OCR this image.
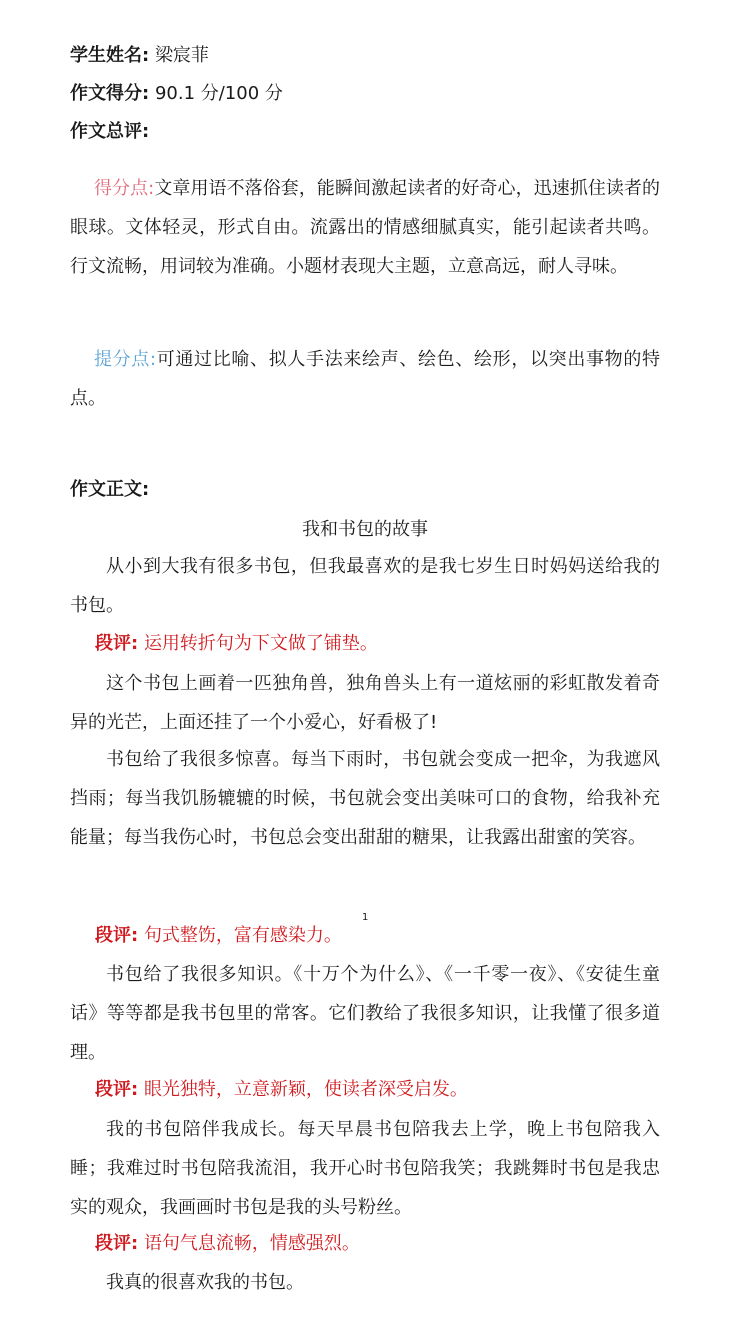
学生姓名: 梁宸菲
作文得分: 90.1 分/100 分
作文总评:

得分点:文章用语不落俗套，能瞬间激起读者的好奇心，迅速抓住读者的眼球。文体轻灵，形式自由。流露出的情感细腻真实，能引起读者共鸣。行文流畅，用词较为准确。小题材表现大主题，立意高远，耐人寻味。

提分点:可通过比喻、拟人手法来绘声、绘色、绘形，以突出事物的特点。

作文正文:
我和书包的故事

从小到大我有很多书包，但我最喜欢的是我七岁生日时妈妈送给我的书包。

段评: 运用转折句为下文做了铺垫。

这个书包上画着一匹独角兽，独角兽头上有一道炫丽的彩虹散发着奇异的光芒，上面还挂了一个小爱心，好看极了!

书包给了我很多惊喜。每当下雨时，书包就会变成一把伞，为我遮风挡雨；每当我饥肠辘辘的时候，书包就会变出美味可口的食物，给我补充能量；每当我伤心时，书包总会变出甜甜的糖果，让我露出甜蜜的笑容。

段评: 句式整饬，富有感染力。
1

书包给了我很多知识。《十万个为什么》、《一千零一夜》、《安徒生童话》等等都是我书包里的常客。它们教给了我很多知识，让我懂了很多道理。

段评: 眼光独特，立意新颖，使读者深受启发。

我的书包陪伴我成长。每天早晨书包陪我去上学，晚上书包陪我入睡；我难过时书包陪我流泪，我开心时书包陪我笑；我跳舞时书包是我忠实的观众，我画画时书包是我的头号粉丝。

段评: 语句气息流畅，情感强烈。

我真的很喜欢我的书包。
